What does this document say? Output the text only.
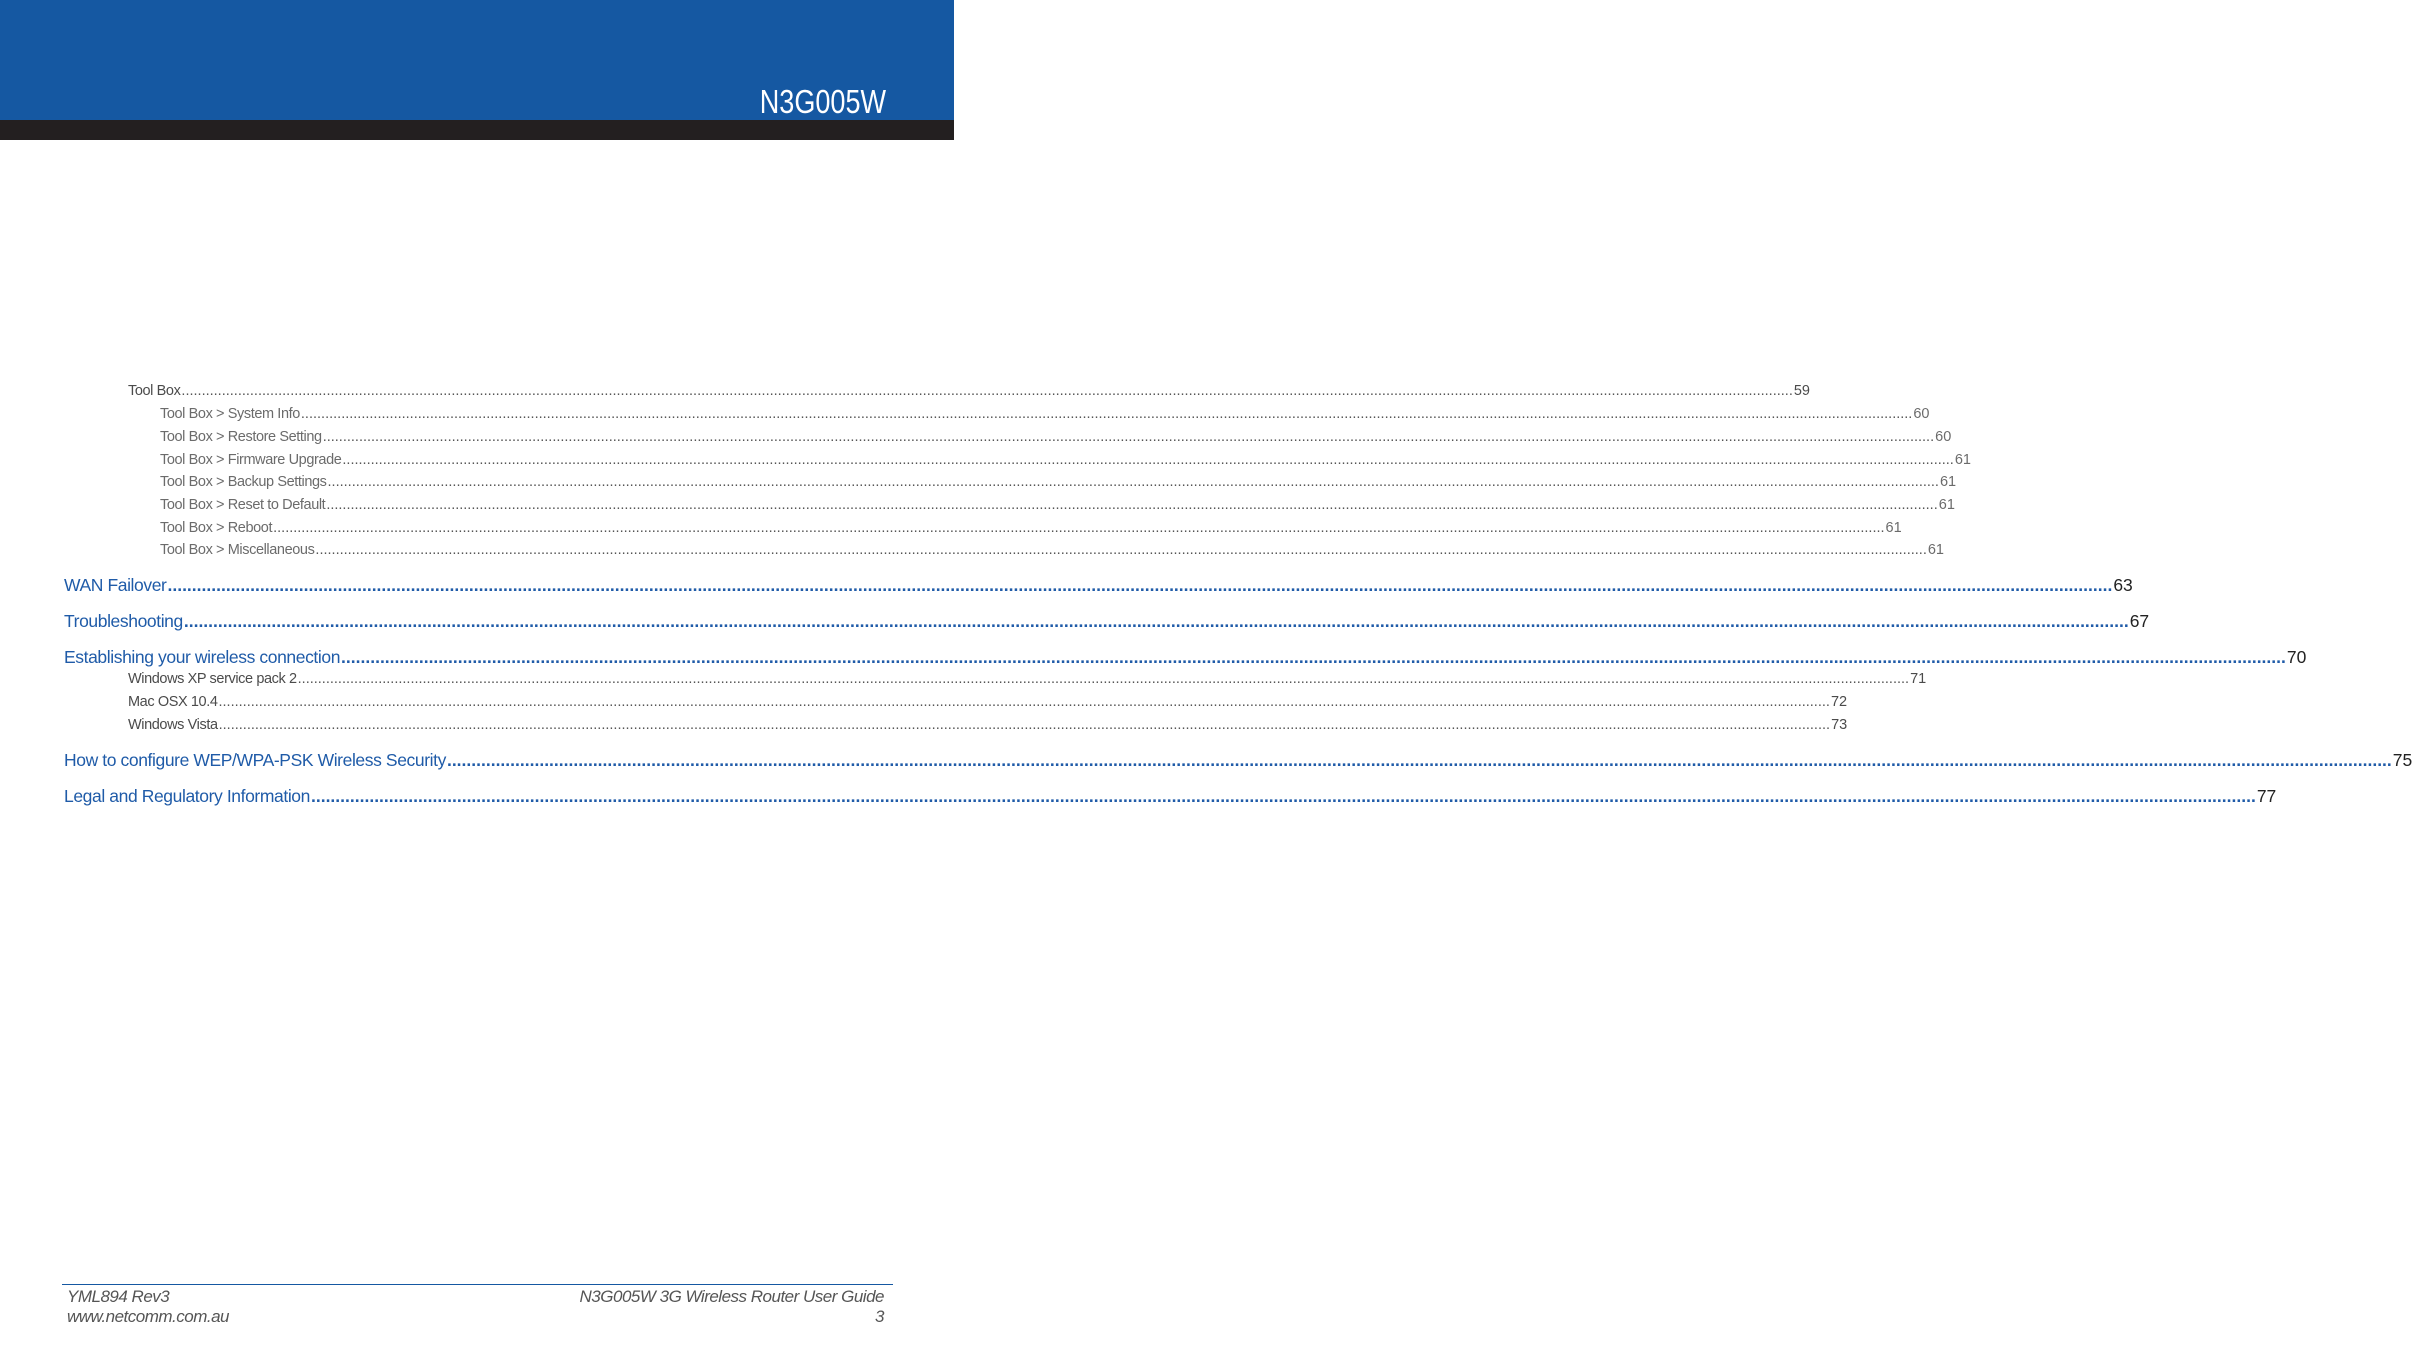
N3G005W
Tool Box ................................................................................................................................................................................................................................................................................................................................................................................................................ 59
Tool Box > System Info ................................................................................................................................................................................................................................................................................................................................................................................................................ 60
Tool Box > Restore Setting ................................................................................................................................................................................................................................................................................................................................................................................................................ 60
Tool Box > Firmware Upgrade ................................................................................................................................................................................................................................................................................................................................................................................................................ 61
Tool Box > Backup Settings ................................................................................................................................................................................................................................................................................................................................................................................................................ 61
Tool Box > Reset to Default ................................................................................................................................................................................................................................................................................................................................................................................................................ 61
Tool Box > Reboot ................................................................................................................................................................................................................................................................................................................................................................................................................ 61
Tool Box > Miscellaneous ................................................................................................................................................................................................................................................................................................................................................................................................................ 61
WAN Failover ................................................................................................................................................................................................................................................................................................................................................................................................................ 63
Troubleshooting ................................................................................................................................................................................................................................................................................................................................................................................................................ 67
Establishing your wireless connection ................................................................................................................................................................................................................................................................................................................................................................................................................ 70
Windows XP service pack 2 ................................................................................................................................................................................................................................................................................................................................................................................................................ 71
Mac OSX 10.4 ................................................................................................................................................................................................................................................................................................................................................................................................................ 72
Windows Vista ................................................................................................................................................................................................................................................................................................................................................................................................................ 73
How to configure WEP/WPA-PSK Wireless Security ................................................................................................................................................................................................................................................................................................................................................................................................................ 75
Legal and Regulatory Information ................................................................................................................................................................................................................................................................................................................................................................................................................ 77
YML894 Rev3
www.netcomm.com.au
N3G005W 3G Wireless Router User Guide
3
